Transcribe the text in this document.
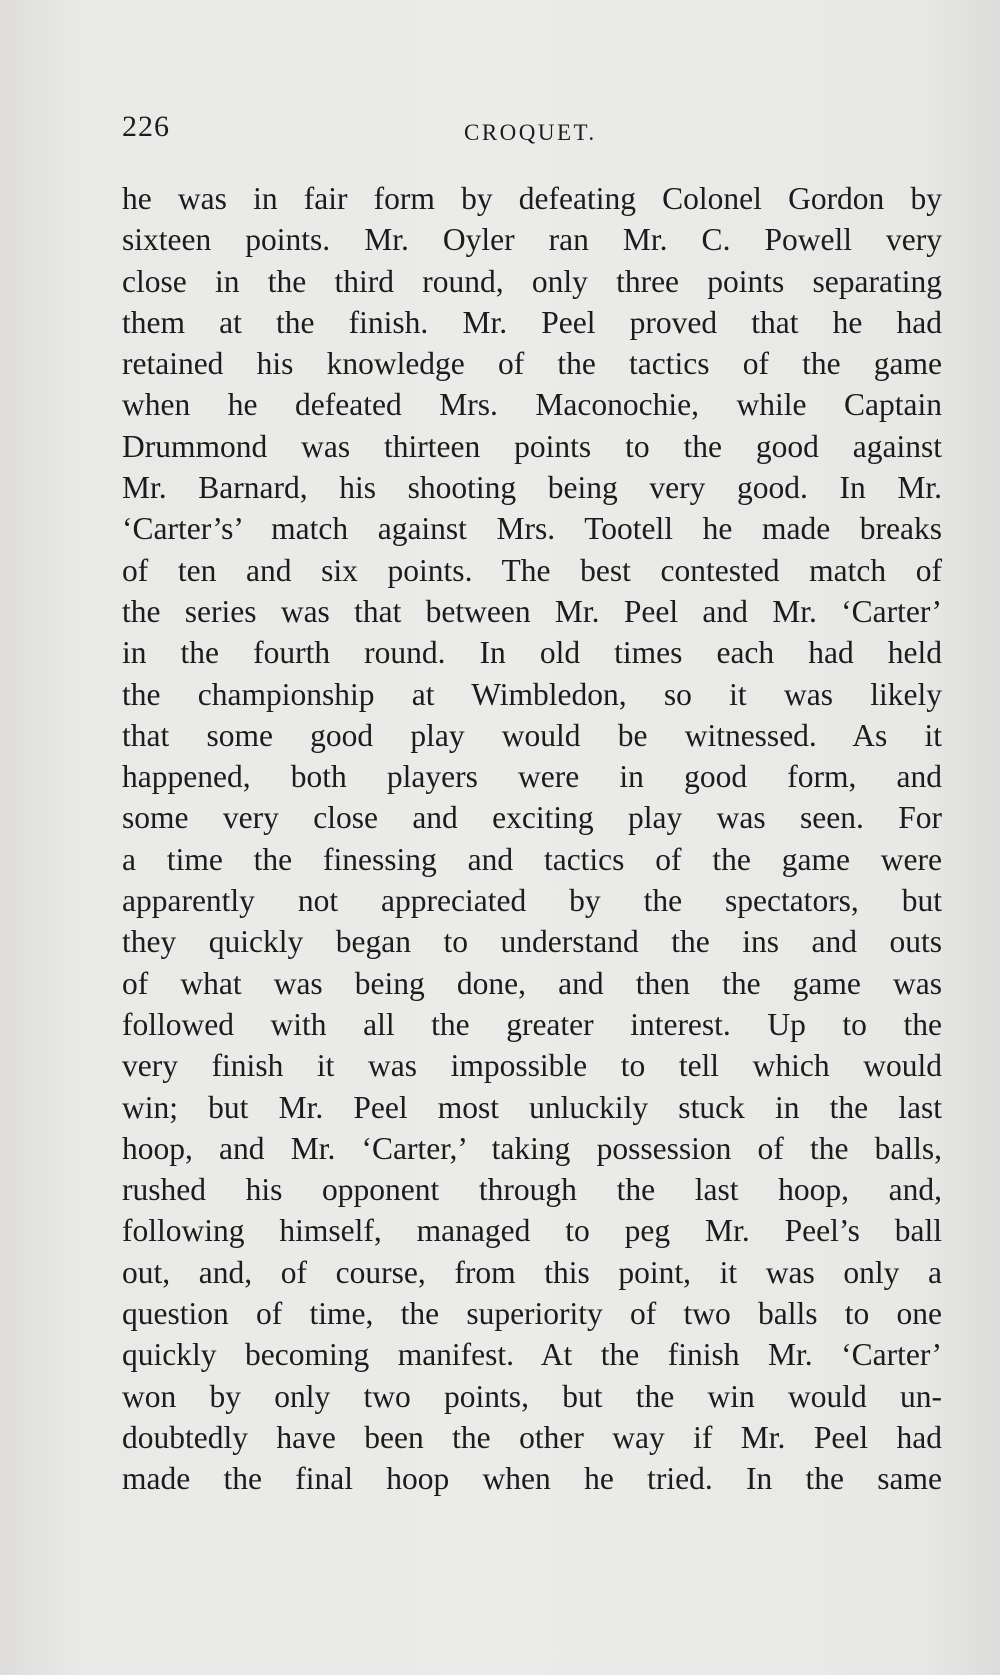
226	CROQUET.
he was in fair form by defeating Colonel Gordon by
sixteen points. Mr. Oyler ran Mr. C. Powell very
close in the third round, only three points separating
them at the finish. Mr. Peel proved that he had
retained his knowledge of the tactics of the game
when he defeated Mrs. Maconochie, while Captain
Drummond was thirteen points to the good against
Mr. Barnard, his shooting being very good. In Mr.
‘Carter’s’ match against Mrs. Tootell he made breaks
of ten and six points. The best contested match of
the series was that between Mr. Peel and Mr. ‘Carter’
in the fourth round. In old times each had held
the championship at Wimbledon, so it was likely
that some good play would be witnessed. As it
happened, both players were in good form, and
some very close and exciting play was seen. For
a time the finessing and tactics of the game were
apparently not appreciated by the spectators, but
they quickly began to understand the ins and outs
of what was being done, and then the game was
followed with all the greater interest. Up to the
very finish it was impossible to tell which would
win; but Mr. Peel most unluckily stuck in the last
hoop, and Mr. ‘Carter,’ taking possession of the balls,
rushed his opponent through the last hoop, and,
following himself, managed to peg Mr. Peel’s ball
out, and, of course, from this point, it was only a
question of time, the superiority of two balls to one
quickly becoming manifest. At the finish Mr. ‘Carter’
won by only two points, but the win would un-
doubtedly have been the other way if Mr. Peel had
made the final hoop when he tried. In the same
